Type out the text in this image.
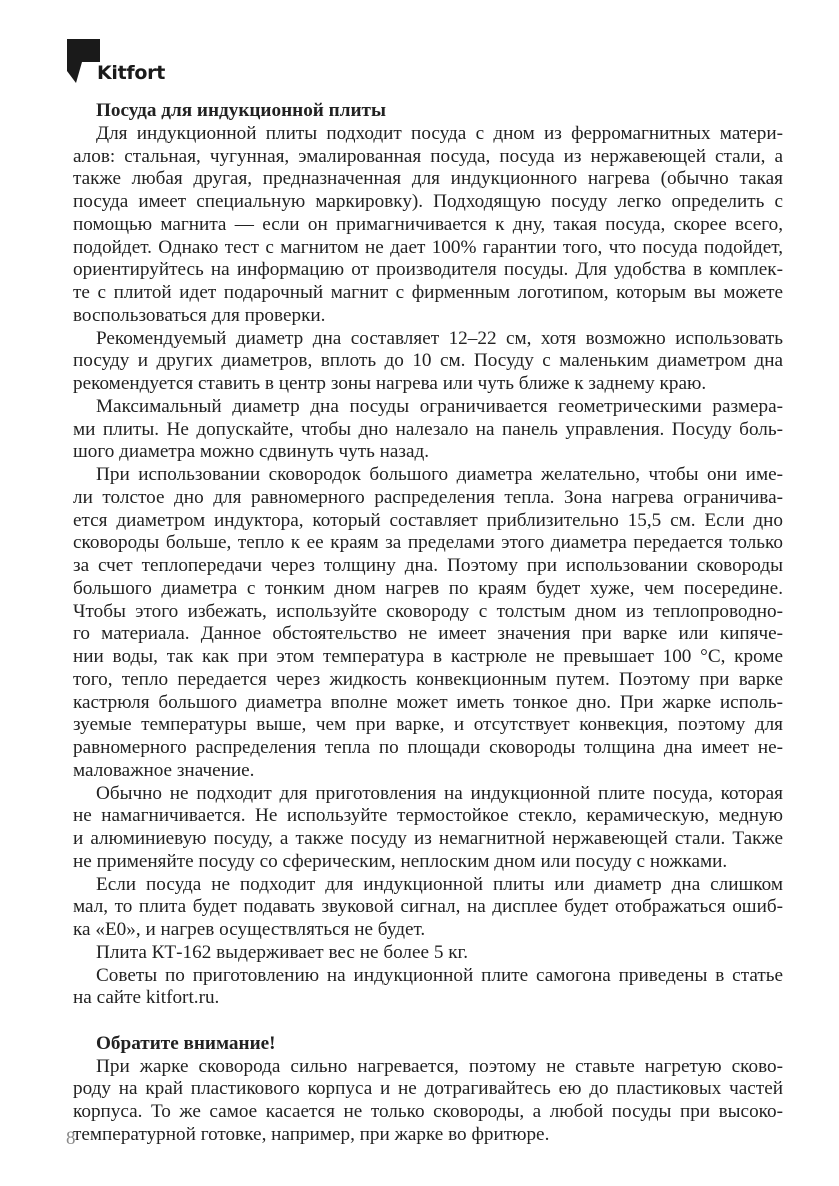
Kitfort
Посуда для индукционной плиты
Для индукционной плиты подходит посуда с дном из ферромагнитных матери-
алов: стальная, чугунная, эмалированная посуда, посуда из нержавеющей стали, а
также любая другая, предназначенная для индукционного нагрева (обычно такая
посуда имеет специальную маркировку). Подходящую посуду легко определить с
помощью магнита — если он примагничивается к дну, такая посуда, скорее всего,
подойдет. Однако тест с магнитом не дает 100% гарантии того, что посуда подойдет,
ориентируйтесь на информацию от производителя посуды. Для удобства в комплек-
те с плитой идет подарочный магнит с фирменным логотипом, которым вы можете
воспользоваться для проверки.
Рекомендуемый диаметр дна составляет 12–22 см, хотя возможно использовать
посуду и других диаметров, вплоть до 10 см. Посуду с маленьким диаметром дна
рекомендуется ставить в центр зоны нагрева или чуть ближе к заднему краю.
Максимальный диаметр дна посуды ограничивается геометрическими размера-
ми плиты. Не допускайте, чтобы дно налезало на панель управления. Посуду боль-
шого диаметра можно сдвинуть чуть назад.
При использовании сковородок большого диаметра желательно, чтобы они име-
ли толстое дно для равномерного распределения тепла. Зона нагрева ограничива-
ется диаметром индуктора, который составляет приблизительно 15,5 см. Если дно
сковороды больше, тепло к ее краям за пределами этого диаметра передается только
за счет теплопередачи через толщину дна. Поэтому при использовании сковороды
большого диаметра с тонким дном нагрев по краям будет хуже, чем посередине.
Чтобы этого избежать, используйте сковороду с толстым дном из теплопроводно-
го материала. Данное обстоятельство не имеет значения при варке или кипяче-
нии воды, так как при этом температура в кастрюле не превышает 100 °С, кроме
того, тепло передается через жидкость конвекционным путем. Поэтому при варке
кастрюля большого диаметра вполне может иметь тонкое дно. При жарке исполь-
зуемые температуры выше, чем при варке, и отсутствует конвекция, поэтому для
равномерного распределения тепла по площади сковороды толщина дна имеет не-
маловажное значение.
Обычно не подходит для приготовления на индукционной плите посуда, которая
не намагничивается. Не используйте термостойкое стекло, керамическую, медную
и алюминиевую посуду, а также посуду из немагнитной нержавеющей стали. Также
не применяйте посуду со сферическим, неплоским дном или посуду с ножками.
Если посуда не подходит для индукционной плиты или диаметр дна слишком
мал, то плита будет подавать звуковой сигнал, на дисплее будет отображаться ошиб-
ка «E0», и нагрев осуществляться не будет.
Плита КТ-162 выдерживает вес не более 5 кг.
Советы по приготовлению на индукционной плите самогона приведены в статье
на сайте kitfort.ru.
Обратите внимание!
При жарке сковорода сильно нагревается, поэтому не ставьте нагретую сково-
роду на край пластикового корпуса и не дотрагивайтесь ею до пластиковых частей
корпуса. То же самое касается не только сковороды, а любой посуды при высоко-
температурной готовке, например, при жарке во фритюре.
8
